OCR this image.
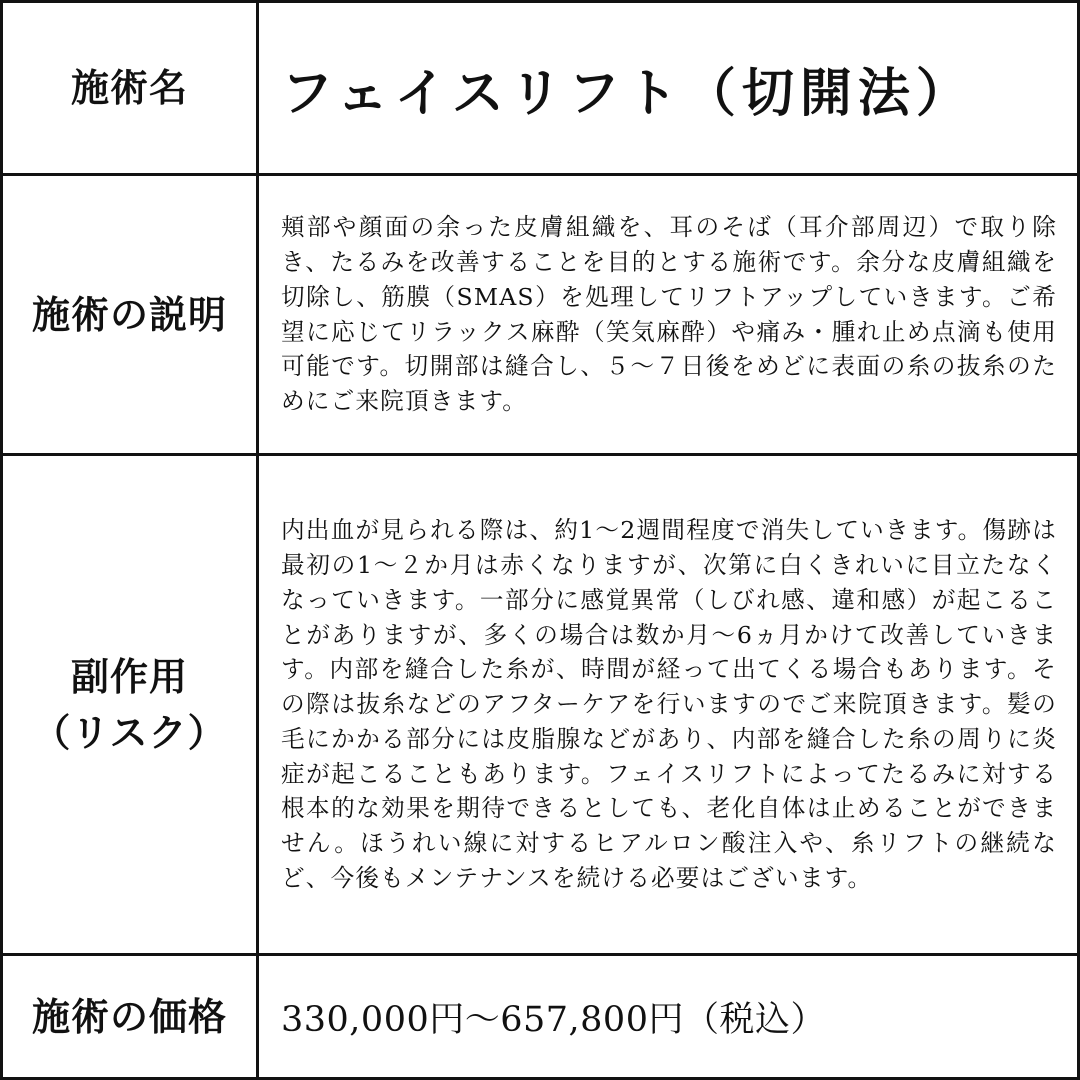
施術名	フェイスリフト（切開法）
施術の説明
頬部や顔面の余った皮膚組織を、耳のそば（耳介部周辺）で取り除き、たるみを改善することを目的とする施術です。余分な皮膚組織を切除し、筋膜（SMAS）を処理してリフトアップしていきます。ご希望に応じてリラックス麻酔（笑気麻酔）や痛み・腫れ止め点滴も使用可能です。切開部は縫合し、５～７日後をめどに表面の糸の抜糸のためにご来院頂きます。
副作用
（リスク）
内出血が見られる際は、約1～2週間程度で消失していきます。傷跡は最初の1～２か月は赤くなりますが、次第に白くきれいに目立たなくなっていきます。一部分に感覚異常（しびれ感、違和感）が起こることがありますが、多くの場合は数か月～6ヵ月かけて改善していきます。内部を縫合した糸が、時間が経って出てくる場合もあります。その際は抜糸などのアフターケアを行いますのでご来院頂きます。髪の毛にかかる部分には皮脂腺などがあり、内部を縫合した糸の周りに炎症が起こることもあります。フェイスリフトによってたるみに対する根本的な効果を期待できるとしても、老化自体は止めることができません。ほうれい線に対するヒアルロン酸注入や、糸リフトの継続など、今後もメンテナンスを続ける必要はございます。
施術の価格	330,000円～657,800円（税込）
